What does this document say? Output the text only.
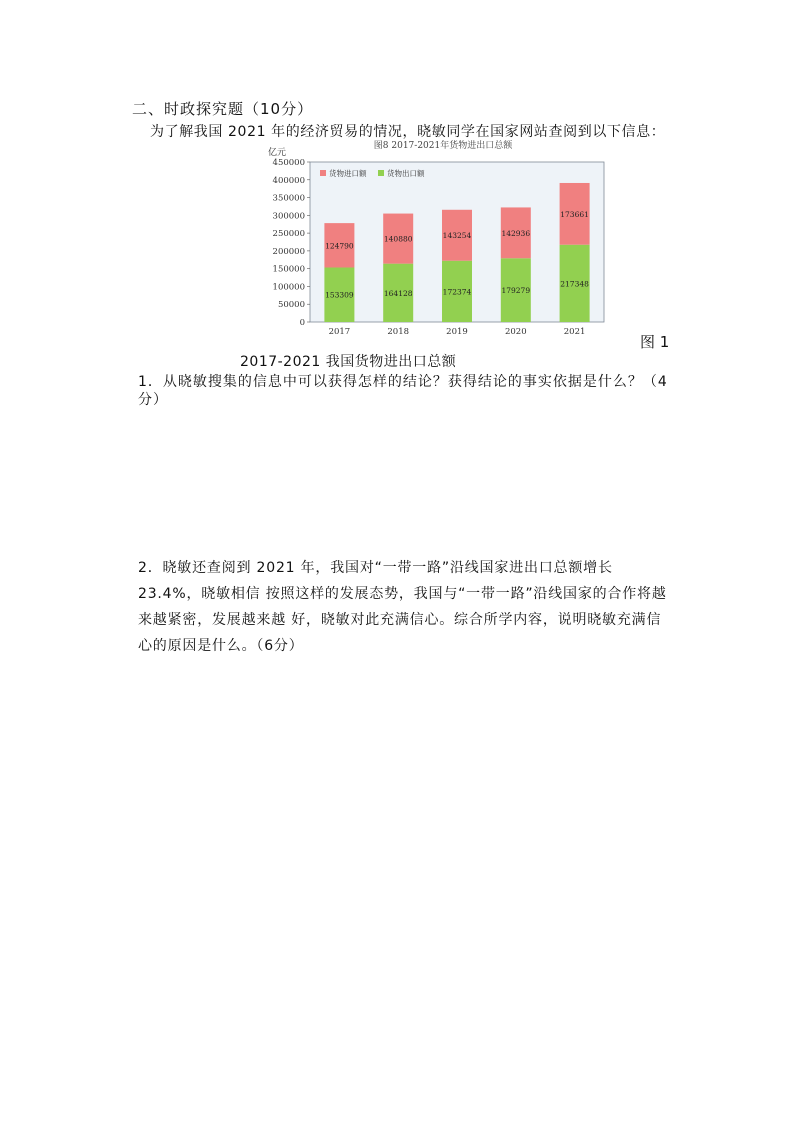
二、时政探究题（10分）
为了解我国 2021 年的经济贸易的情况，晓敏同学在国家网站查阅到以下信息：
图8 2017-2021年货物进出口总额
亿元
0
50000
100000
150000
200000
250000
300000
350000
400000
450000
货物进口额	货物出口额
153309
124790
2017
164128
140880
2018
172374
143254
2019
179279
142936
2020
217348
173661
2021
图 1
2017-2021 我国货物进出口总额
1．从晓敏搜集的信息中可以获得怎样的结论？获得结论的事实依据是什么？（4 分）
2．晓敏还查阅到 2021 年，我国对“一带一路”沿线国家进出口总额增长 23.4%，晓敏相信 按照这样的发展态势，我国与“一带一路”沿线国家的合作将越来越紧密，发展越来越 好，晓敏对此充满信心。综合所学内容，说明晓敏充满信心的原因是什么。（6分）
